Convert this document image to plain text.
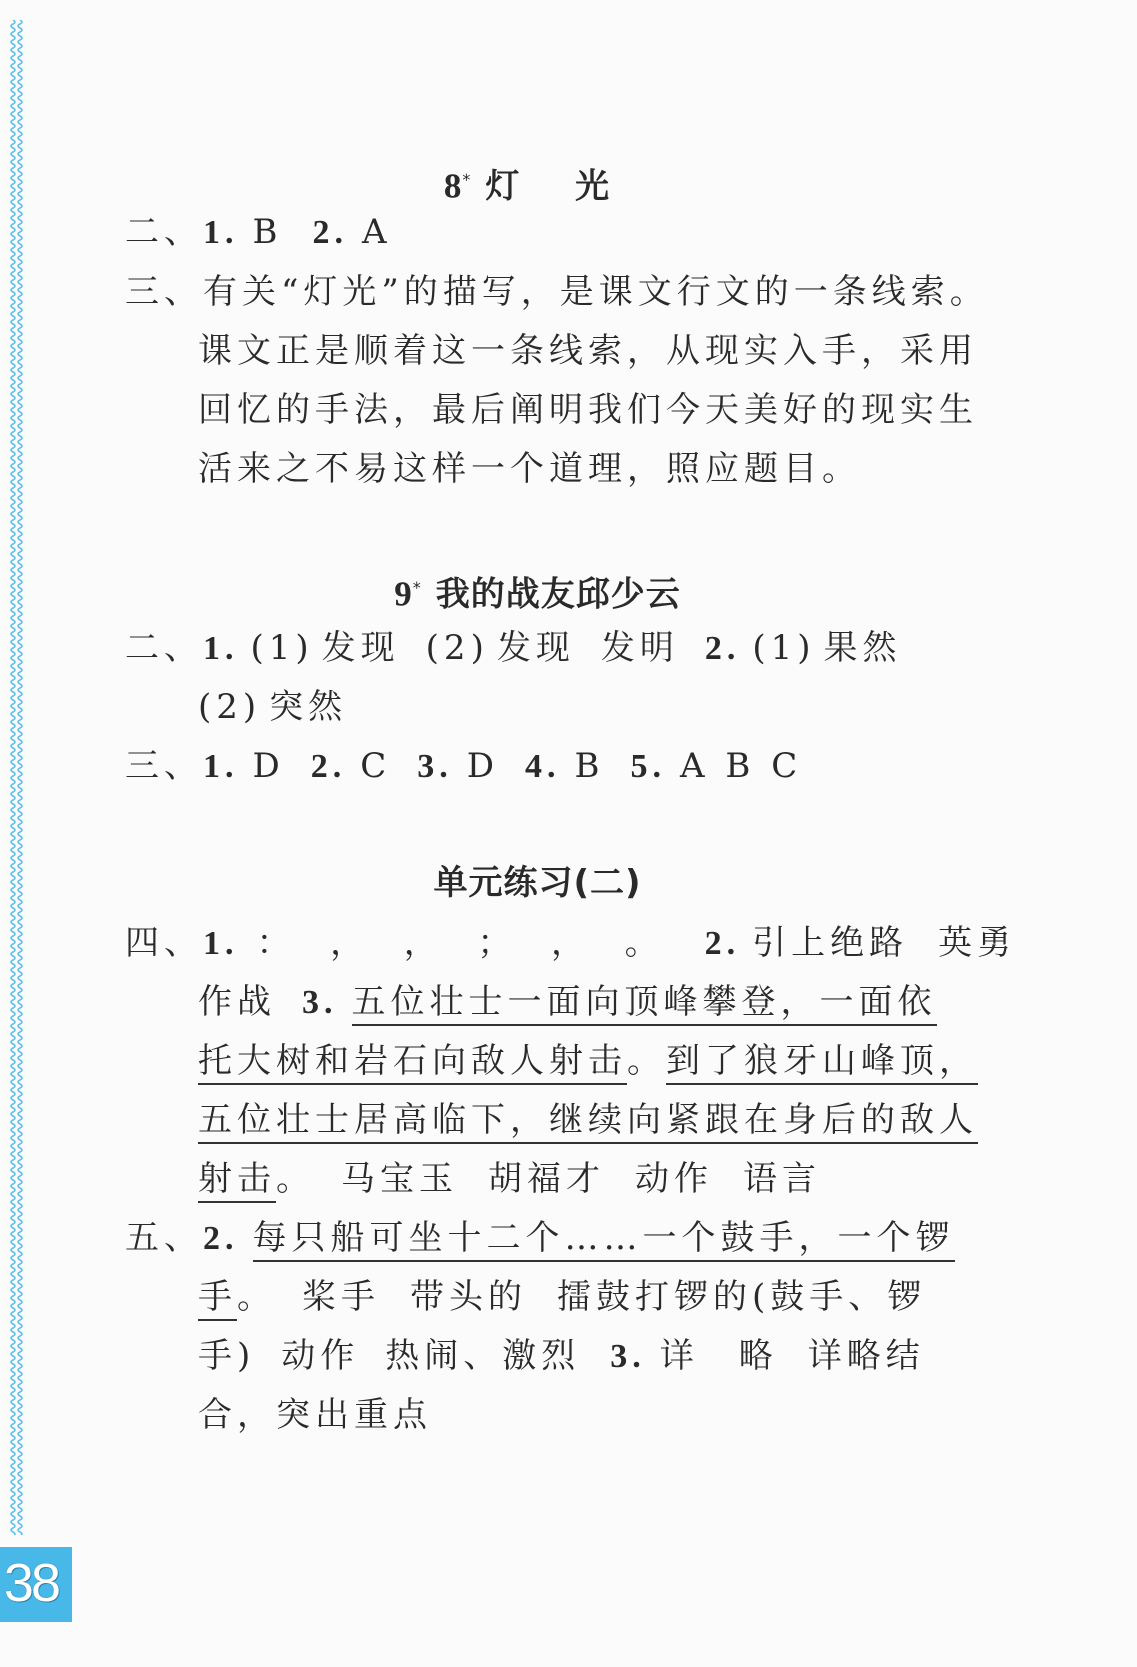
38
8* 灯 光
二、1. B 2. A
三、有关“灯光”的描写，是课文行文的一条线索。
课文正是顺着这一条线索，从现实入手，采用
回忆的手法，最后阐明我们今天美好的现实生
活来之不易这样一个道理，照应题目。
9* 我的战友邱少云
二、1. (1) 发现 (2) 发现 发明 2. (1) 果然
(2) 突然
三、1. D 2. C 3. D 4. B 5. A B C
单元练习(二)
四、1. ：  ，  ，  ；  ，  。 2. 引上绝路 英勇
作战 3. 五位壮士一面向顶峰攀登，一面依
托大树和岩石向敌人射击。到了狼牙山峰顶，
五位壮士居高临下，继续向紧跟在身后的敌人
射击。 马宝玉 胡福才 动作 语言
五、2. 每只船可坐十二个……一个鼓手，一个锣
手。 桨手 带头的 擂鼓打锣的(鼓手、锣
手) 动作 热闹、激烈 3. 详 略 详略结
合，突出重点
